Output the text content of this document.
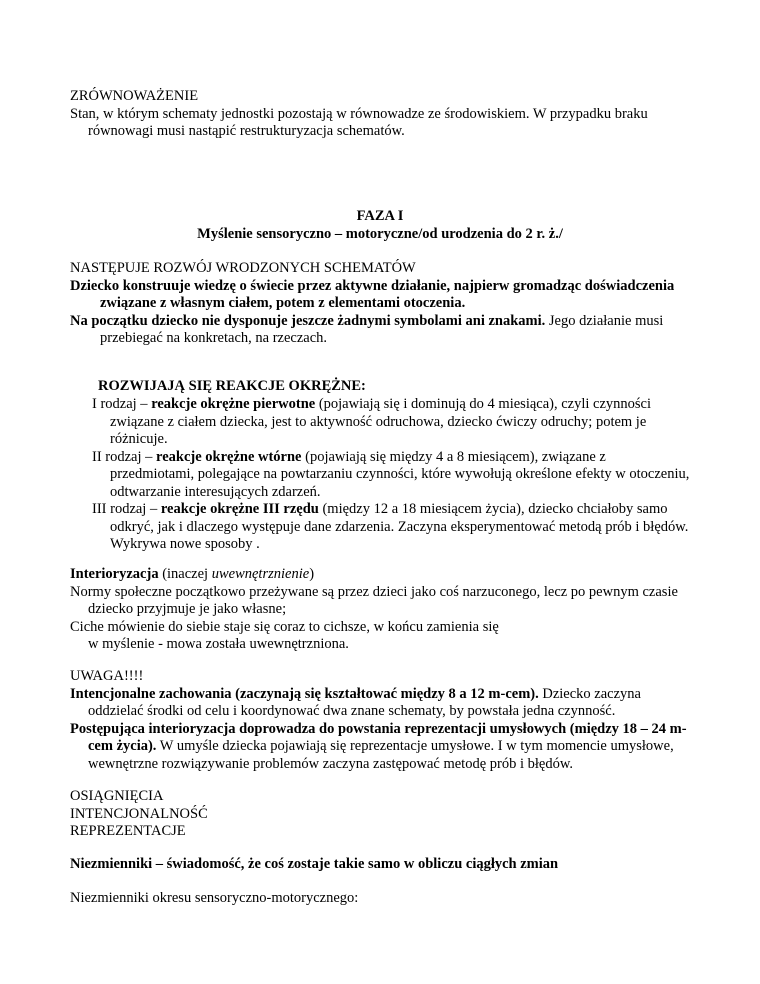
ZRÓWNOWAŻENIE

Stan, w którym schematy jednostki pozostają w równowadze ze środowiskiem. W przypadku braku równowagi musi nastąpić restrukturyzacja schematów.

FAZA I

Myślenie sensoryczno – motoryczne/od urodzenia do 2 r. ż./

NASTĘPUJE ROZWÓJ WRODZONYCH SCHEMATÓW

Dziecko konstruuje wiedzę o świecie przez aktywne działanie, najpierw gromadząc doświadczenia związane z własnym ciałem, potem z elementami otoczenia.

Na początku dziecko nie dysponuje jeszcze żadnymi symbolami ani znakami. Jego działanie musi przebiegać na konkretach, na rzeczach.

ROZWIJAJĄ SIĘ REAKCJE OKRĘŻNE:

I rodzaj – reakcje okrężne pierwotne (pojawiają się i dominują do 4 miesiąca), czyli czynności związane z ciałem dziecka, jest to aktywność odruchowa, dziecko ćwiczy odruchy; potem je różnicuje.

II rodzaj – reakcje okrężne wtórne (pojawiają się między 4 a 8 miesiącem), związane z przedmiotami, polegające na powtarzaniu czynności, które wywołują określone efekty w otoczeniu, odtwarzanie interesujących zdarzeń.

III rodzaj – reakcje okrężne III rzędu (między 12 a 18 miesiącem życia), dziecko chciałoby samo odkryć, jak i dlaczego występuje dane zdarzenia. Zaczyna eksperymentować metodą prób i błędów. Wykrywa nowe sposoby .

Interioryzacja (inaczej uwewnętrznienie)

Normy społeczne początkowo przeżywane są przez dzieci jako coś narzuconego, lecz po pewnym czasie dziecko przyjmuje je jako własne;

Ciche mówienie do siebie staje się coraz to cichsze, w końcu zamienia się

w myślenie - mowa została uwewnętrzniona.

UWAGA!!!!

Intencjonalne zachowania (zaczynają się kształtować między 8 a 12 m-cem). Dziecko zaczyna oddzielać środki od celu i koordynować dwa znane schematy, by powstała jedna czynność.

Postępująca interioryzacja doprowadza do powstania reprezentacji umysłowych (między 18 – 24 m-cem życia). W umyśle dziecka pojawiają się reprezentacje umysłowe. I w tym momencie umysłowe, wewnętrzne rozwiązywanie problemów zaczyna zastępować metodę prób i błędów.

OSIĄGNIĘCIA

INTENCJONALNOŚĆ

REPREZENTACJE

Niezmienniki – świadomość, że coś zostaje takie samo w obliczu ciągłych zmian

Niezmienniki okresu sensoryczno-motorycznego:
